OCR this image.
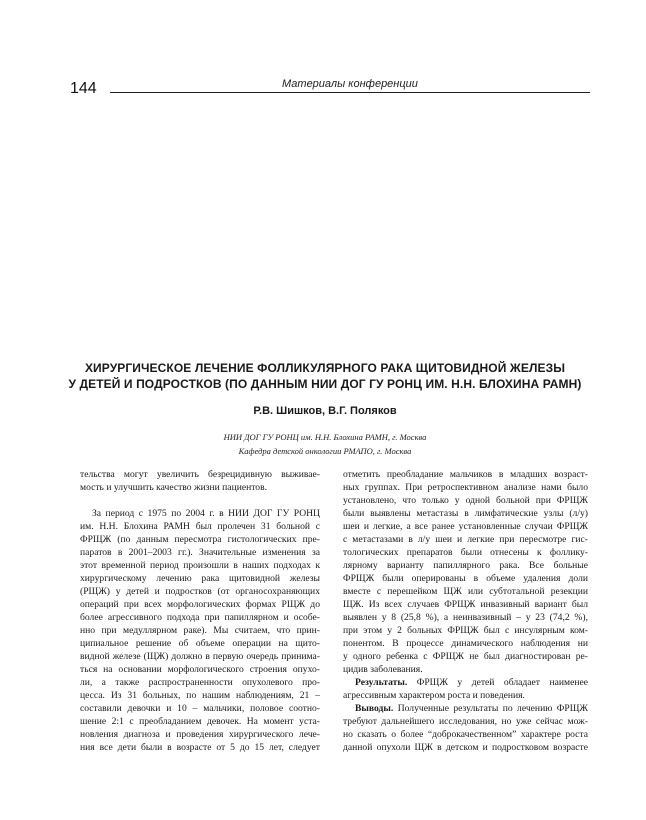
144	Материалы конференции
ХИРУРГИЧЕСКОЕ ЛЕЧЕНИЕ ФОЛЛИКУЛЯРНОГО РАКА ЩИТОВИДНОЙ ЖЕЛЕЗЫ
У ДЕТЕЙ И ПОДРОСТКОВ (ПО ДАННЫМ НИИ ДОГ ГУ РОНЦ ИМ. Н.Н. БЛОХИНА РАМН)
Р.В. Шишков, В.Г. Поляков
НИИ ДОГ ГУ РОНЦ им. Н.Н. Блохина РАМН, г. Москва
Кафедра детской онкологии РМАПО, г. Москва
тельства могут увеличить безрецидивную выживае-
мость и улучшить качество жизни пациентов.
За период с 1975 по 2004 г. в НИИ ДОГ ГУ РОНЦ
им. Н.Н. Блохина РАМН был пролечен 31 больной с
ФРЩЖ (по данным пересмотра гистологических пре-
паратов в 2001–2003 гг.). Значительные изменения за
этот временной период произошли в наших подходах к
хирургическому лечению рака щитовидной железы
(РЩЖ) у детей и подростков (от органосохраняющих
операций при всех морфологических формах РЩЖ до
более агрессивного подхода при папиллярном и особе-
нно при медуллярном раке). Мы считаем, что прин-
ципиальное решение об объеме операции на щито-
видной железе (ЩЖ) должно в первую очередь принима-
ться на основании морфологического строения опухо-
ли, а также распространенности опухолевого про-
цесса. Из 31 больных, по нашим наблюдениям, 21 –
составили девочки и 10 – мальчики, половое соотно-
шение 2:1 с преобладанием девочек. На момент уста-
новления диагноза и проведения хирургического лече-
ния все дети были в возрасте от 5 до 15 лет, следует
отметить преобладание мальчиков в младших возраст-
ных группах. При ретроспективном анализе нами было
установлено, что только у одной больной при ФРЩЖ
были выявлены метастазы в лимфатические узлы (л/у)
шеи и легкие, а все ранее установленные случаи ФРЩЖ
с метастазами в л/у шеи и легкие при пересмотре гис-
тологических препаратов были отнесены к фоллику-
лярному варианту папиллярного рака. Все больные
ФРЩЖ были оперированы в объеме удаления доли
вместе с перешейком ЩЖ или субтотальной резекции
ЩЖ. Из всех случаев ФРЩЖ инвазивный вариант был
выявлен у 8 (25,8 %), а неинвазивный – у 23 (74,2 %),
при этом у 2 больных ФРЩЖ был с инсулярным ком-
понентом. В процессе динамического наблюдения ни
у одного ребенка с ФРЩЖ не был диагностирован ре-
цидив заболевания.
Результаты. ФРЩЖ у детей обладает наименее
агрессивным характером роста и поведения.
Выводы. Полученные результаты по лечению ФРЩЖ
требуют дальнейшего исследования, но уже сейчас мож-
но сказать о более “доброкачественном” характере роста
данной опухоли ЩЖ в детском и подростковом возрасте
